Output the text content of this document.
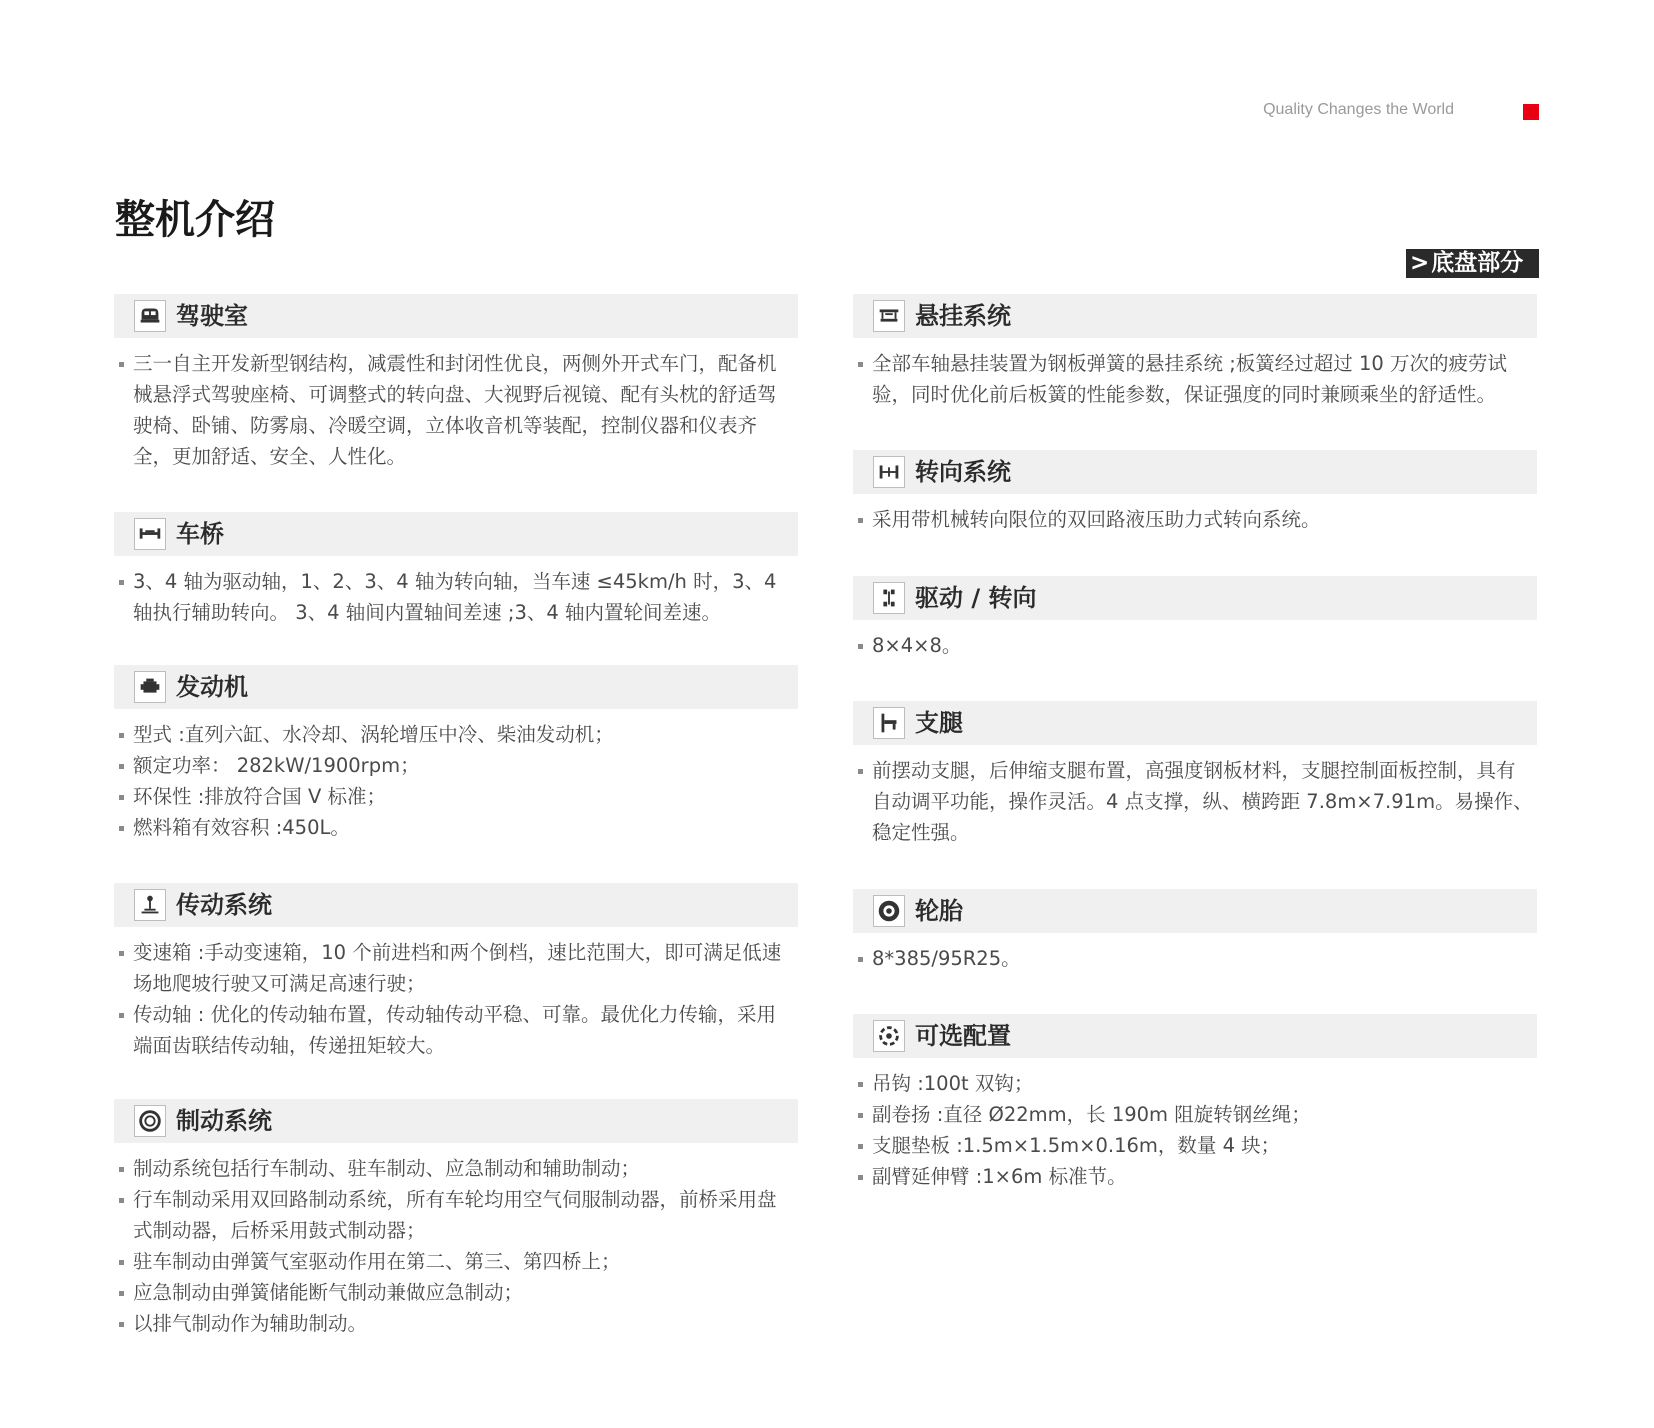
Quality Changes the World
整机介绍
>底盘部分
驾驶室
三一自主开发新型钢结构，减震性和封闭性优良，两侧外开式车门，配备机械悬浮式驾驶座椅、可调整式的转向盘、大视野后视镜、配有头枕的舒适驾驶椅、卧铺、防雾扇、冷暖空调，立体收音机等装配，控制仪器和仪表齐全，更加舒适、安全、人性化。
车桥
3、4 轴为驱动轴，1、2、3、4 轴为转向轴，当车速 ≤45km/h 时，3、4 轴执行辅助转向。 3、4 轴间内置轴间差速 ;3、4 轴内置轮间差速。
发动机
型式 :直列六缸、水冷却、涡轮增压中冷、柴油发动机；
额定功率： 282kW/1900rpm；
环保性 :排放符合国 V 标准；
燃料箱有效容积 :450L。
传动系统
变速箱 :手动变速箱，10 个前进档和两个倒档，速比范围大，即可满足低速场地爬坡行驶又可满足高速行驶；
传动轴 : 优化的传动轴布置，传动轴传动平稳、可靠。最优化力传输，采用端面齿联结传动轴，传递扭矩较大。
制动系统
制动系统包括行车制动、驻车制动、应急制动和辅助制动；
行车制动采用双回路制动系统，所有车轮均用空气伺服制动器，前桥采用盘式制动器，后桥采用鼓式制动器；
驻车制动由弹簧气室驱动作用在第二、第三、第四桥上；
应急制动由弹簧储能断气制动兼做应急制动；
以排气制动作为辅助制动。
悬挂系统
全部车轴悬挂装置为钢板弹簧的悬挂系统 ;板簧经过超过 10 万次的疲劳试验，同时优化前后板簧的性能参数，保证强度的同时兼顾乘坐的舒适性。
转向系统
采用带机械转向限位的双回路液压助力式转向系统。
驱动 / 转向
8×4×8。
支腿
前摆动支腿，后伸缩支腿布置，高强度钢板材料，支腿控制面板控制，具有自动调平功能，操作灵活。4 点支撑，纵、横跨距 7.8m×7.91m。易操作、稳定性强。
轮胎
8*385/95R25。
可选配置
吊钩 :100t 双钩；
副卷扬 :直径 Ø22mm，长 190m 阻旋转钢丝绳；
支腿垫板 :1.5m×1.5m×0.16m，数量 4 块；
副臂延伸臂 :1×6m 标准节。
